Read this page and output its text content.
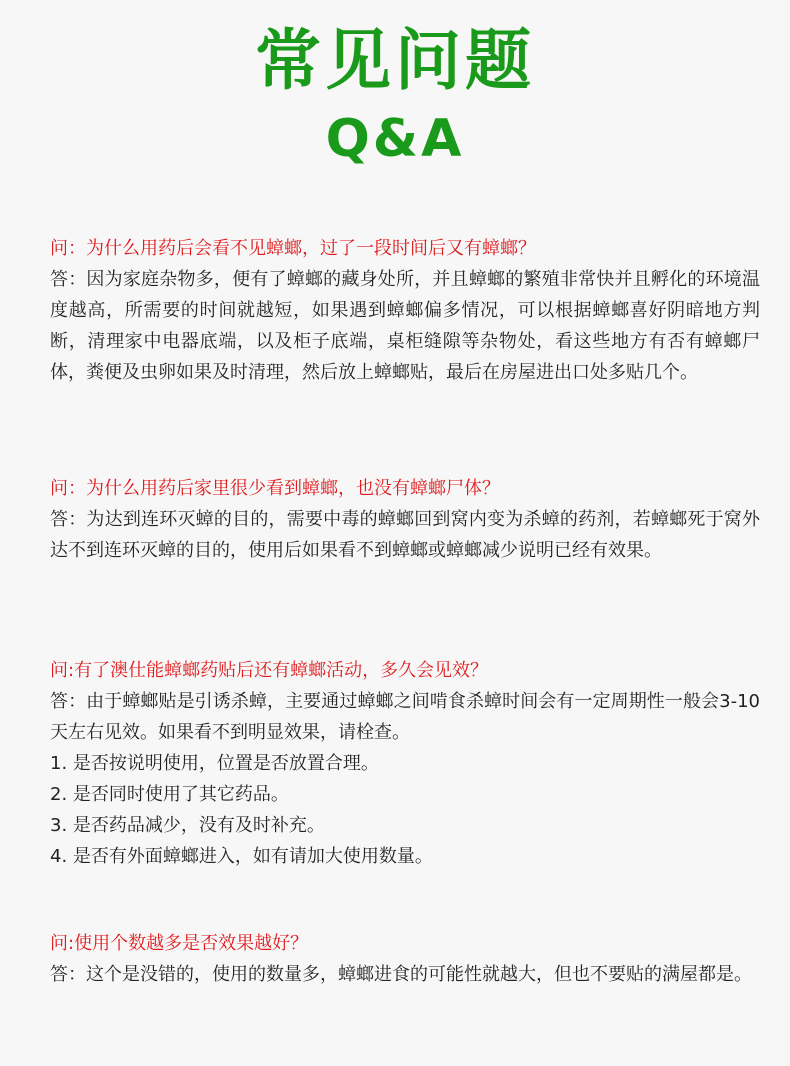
常见问题
Q&A

问：为什么用药后会看不见蟑螂，过了一段时间后又有蟑螂？

答：因为家庭杂物多，便有了蟑螂的藏身处所，并且蟑螂的繁殖非常快并且孵化的环境温度越高，所需要的时间就越短，如果遇到蟑螂偏多情况，可以根据蟑螂喜好阴暗地方判断，清理家中电器底端，以及柜子底端，桌柜缝隙等杂物处，看这些地方有否有蟑螂尸体，粪便及虫卵如果及时清理，然后放上蟑螂贴，最后在房屋进出口处多贴几个。

问：为什么用药后家里很少看到蟑螂，也没有蟑螂尸体？

答：为达到连环灭蟑的目的，需要中毒的蟑螂回到窝内变为杀蟑的药剂，若蟑螂死于窝外达不到连环灭蟑的目的，使用后如果看不到蟑螂或蟑螂减少说明已经有效果。

问:有了澳仕能蟑螂药贴后还有蟑螂活动，多久会见效？

答：由于蟑螂贴是引诱杀蟑，主要通过蟑螂之间啃食杀蟑时间会有一定周期性一般会3-10天左右见效。如果看不到明显效果，请栓查。

1. 是否按说明使用，位置是否放置合理。

2. 是否同时使用了其它药品。

3. 是否药品减少，没有及时补充。

4. 是否有外面蟑螂进入，如有请加大使用数量。

问:使用个数越多是否效果越好？

答：这个是没错的，使用的数量多，蟑螂进食的可能性就越大，但也不要贴的满屋都是。
